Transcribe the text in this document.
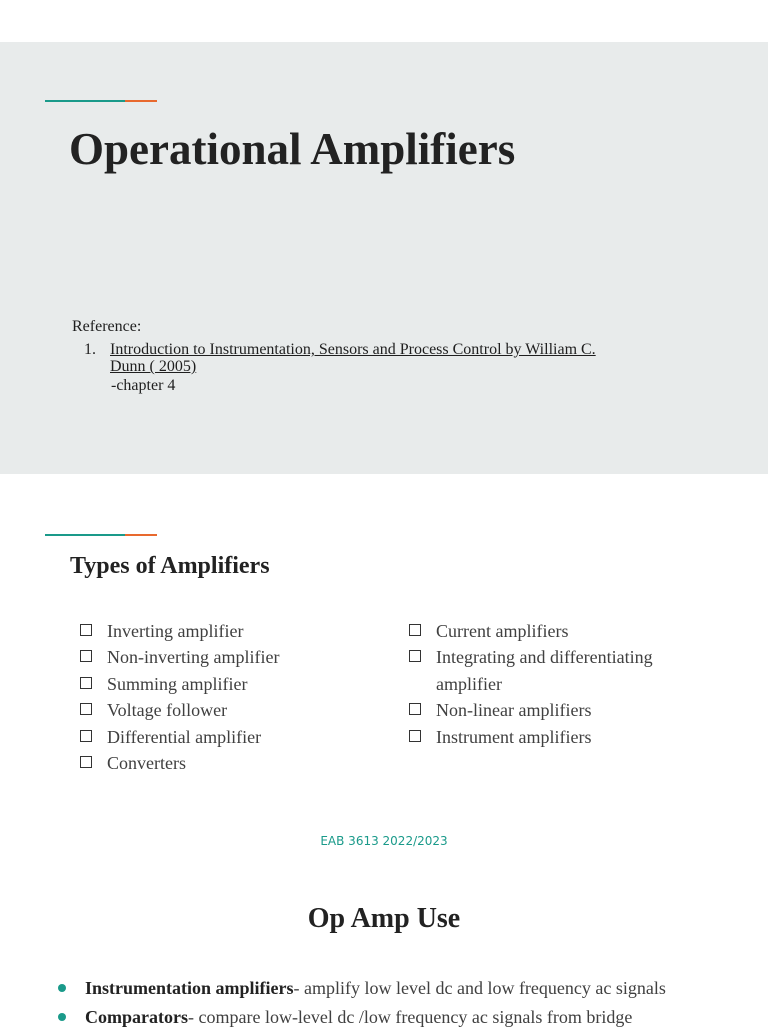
Operational Amplifiers
Reference:
1. Introduction to Instrumentation, Sensors and Process Control by William C. Dunn ( 2005)
-chapter 4
Types of Amplifiers
Inverting amplifier
Non-inverting amplifier
Summing amplifier
Voltage follower
Differential amplifier
Converters
Current amplifiers
Integrating and differentiating amplifier
Non-linear amplifiers
Instrument amplifiers
EAB 3613 2022/2023
Op Amp Use
Instrumentation amplifiers- amplify low level dc and low frequency ac signals
Comparators- compare low-level dc /low frequency ac signals from bridge
